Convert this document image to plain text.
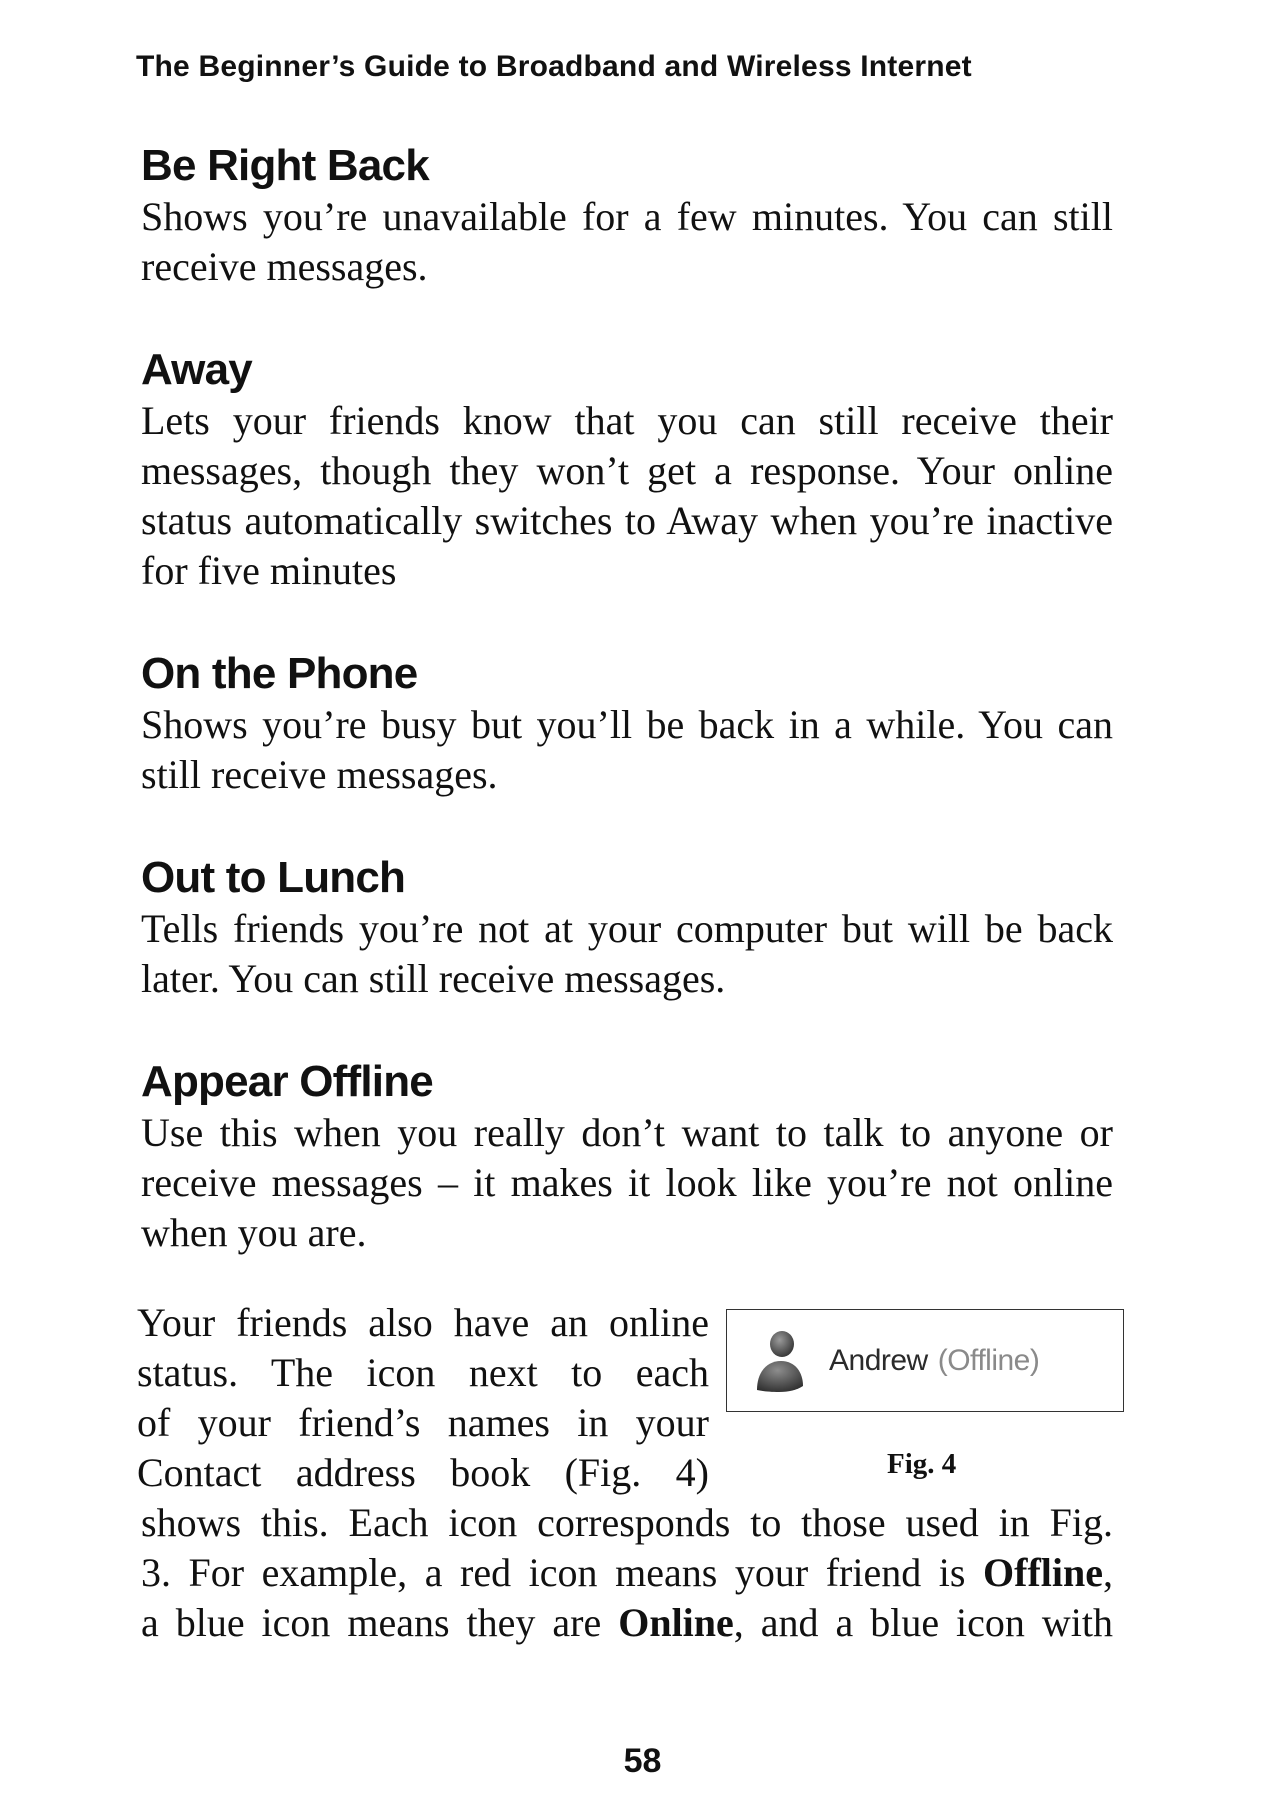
The Beginner’s Guide to Broadband and Wireless Internet
Be Right Back

Shows you’re unavailable for a few minutes. You can still receive messages.

Away

Lets your friends know that you can still receive their messages, though they won’t get a response. Your online status automatically switches to Away when you’re inactive for five minutes

On the Phone

Shows you’re busy but you’ll be back in a while. You can still receive messages.

Out to Lunch

Tells friends you’re not at your computer but will be back later. You can still receive messages.

Appear Offline

Use this when you really don’t want to talk to anyone or receive messages – it makes it look like you’re not online when you are.

Your friends also have an online

status. The icon next to each

of your friend’s names in your

Contact address book (Fig. 4)

Andrew (Offline)
Fig. 4

shows this. Each icon corresponds to those used in Fig.

3. For example, a red icon means your friend is Offline,

a blue icon means they are Online, and a blue icon with

58
